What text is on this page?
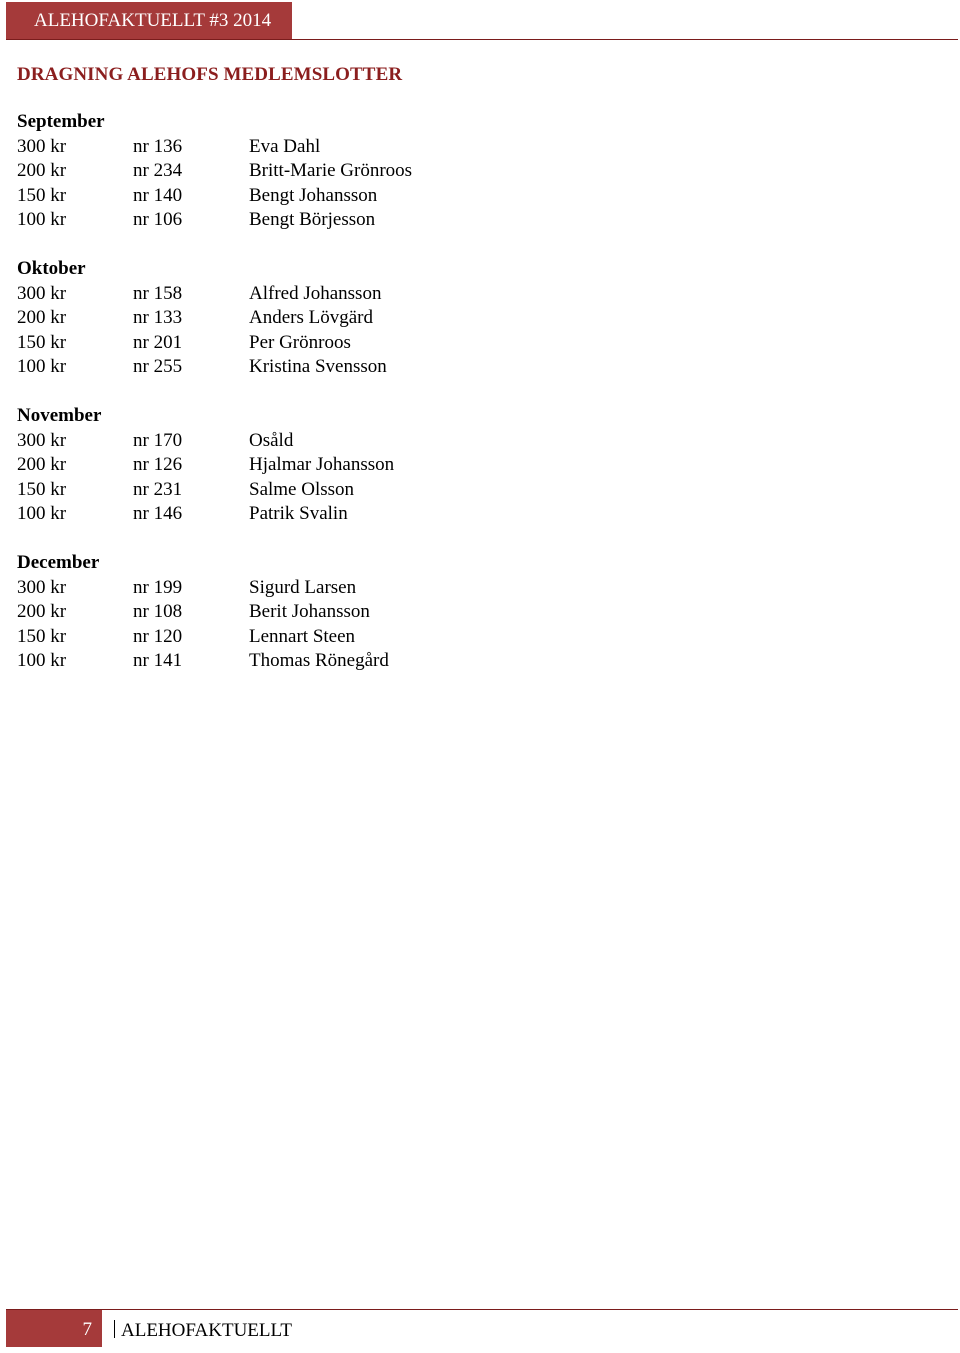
ALEHOFAKTUELLT #3 2014
DRAGNING ALEHOFS MEDLEMSLOTTER
September
300 kr	nr 136	Eva Dahl
200 kr	nr 234	Britt-Marie Grönroos
150 kr	nr 140	Bengt Johansson
100 kr	nr 106	Bengt Börjesson
Oktober
300 kr	nr 158	Alfred Johansson
200 kr	nr 133	Anders Lövgärd
150 kr	nr 201	Per Grönroos
100 kr	nr 255	Kristina Svensson
November
300 kr	nr 170	Osåld
200 kr	nr 126	Hjalmar Johansson
150 kr	nr 231	Salme Olsson
100 kr	nr 146	Patrik Svalin
December
300 kr	nr 199	Sigurd Larsen
200 kr	nr 108	Berit Johansson
150 kr	nr 120	Lennart Steen
100 kr	nr 141	Thomas Rönegård
7	ALEHOFAKTUELLT
